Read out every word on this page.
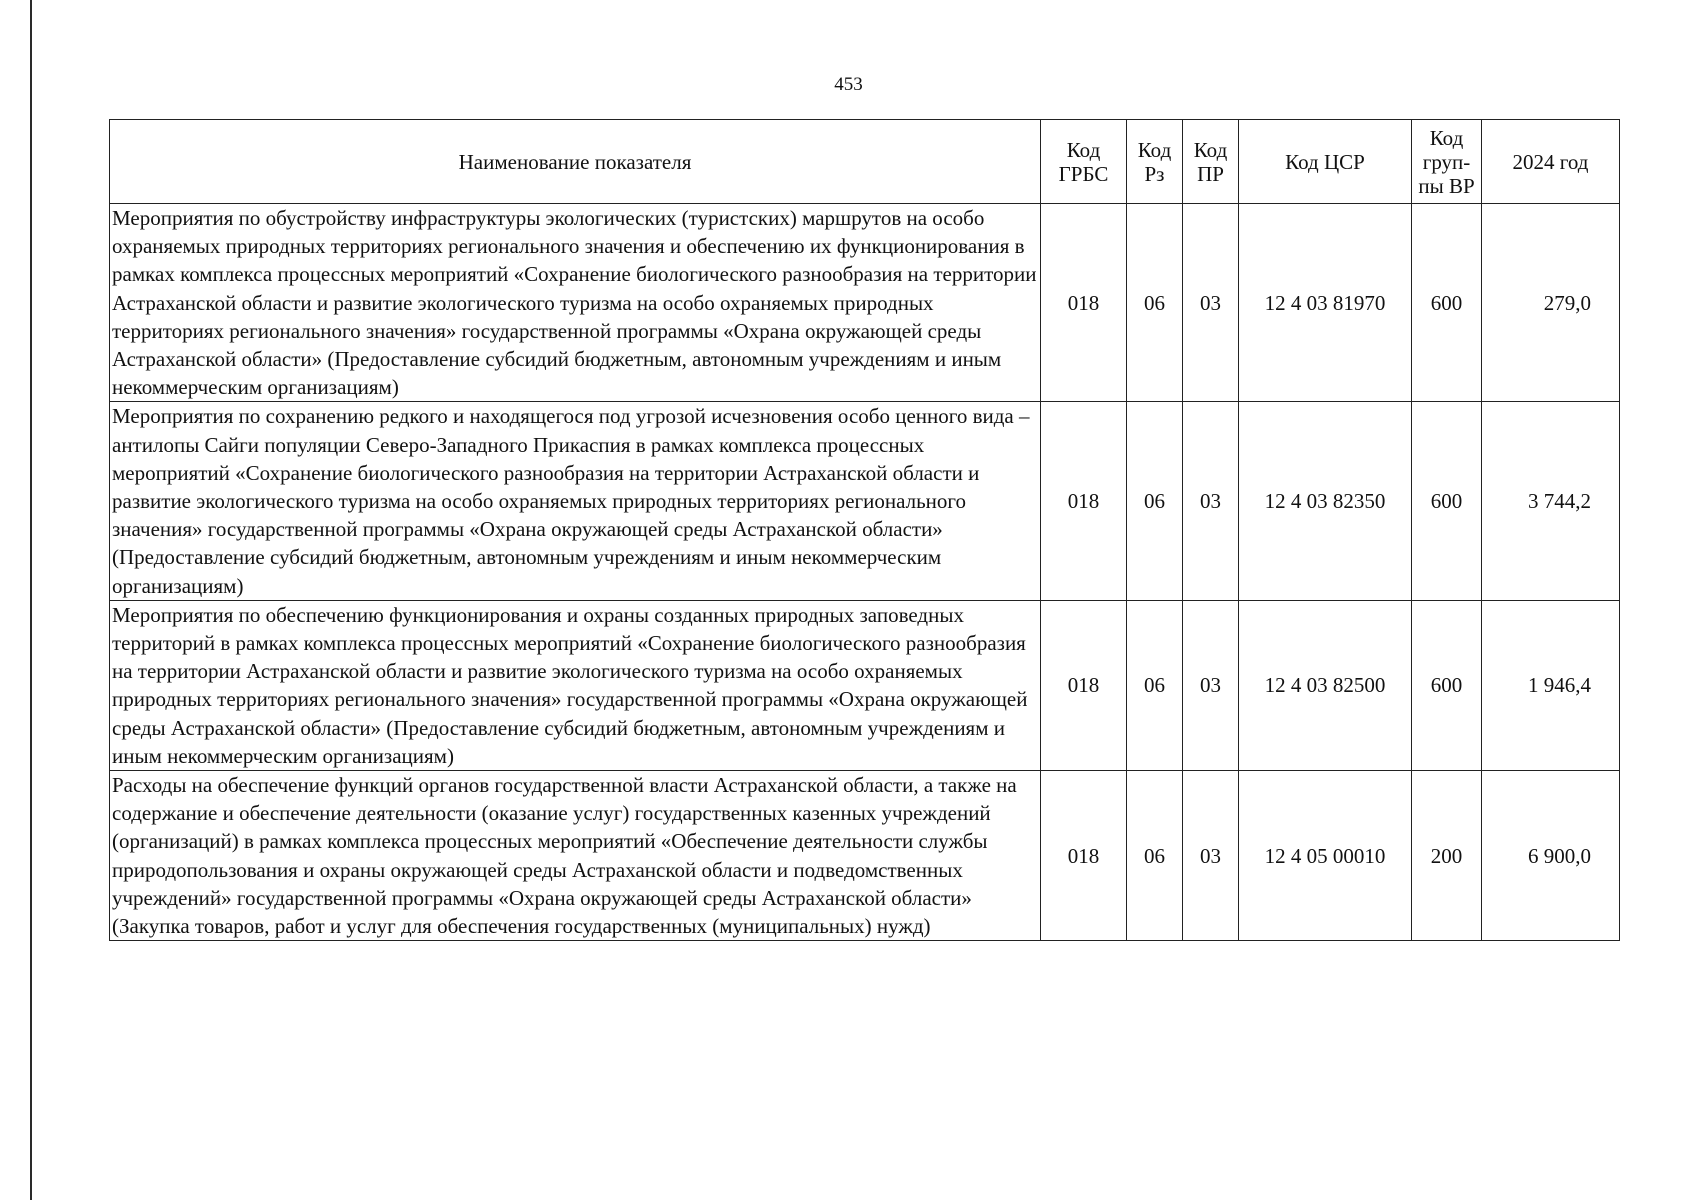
453
Наименование показателя	Код ГРБС	Код Рз	Код ПР	Код ЦСР	Код груп-пы ВР	2024 год
Мероприятия по обустройству инфраструктуры экологических (туристских) маршрутов на особо охраняемых природных территориях регионального значения и обеспечению их функционирования в рамках комплекса процессных мероприятий «Сохранение биологического разнообразия на территории Астраханской области и развитие экологического туризма на особо охраняемых природных территориях регионального значения» государственной программы «Охрана окружающей среды Астраханской области» (Предоставление субсидий бюджетным, автономным учреждениям и иным некоммерческим организациям)	018	06	03	12 4 03 81970	600	279,0
Мероприятия по сохранению редкого и находящегося под угрозой исчезновения особо ценного вида – антилопы Сайги популяции Северо-Западного Прикаспия в рамках комплекса процессных мероприятий «Сохранение биологического разнообразия на территории Астраханской области и развитие экологического туризма на особо охраняемых природных территориях регионального значения» государственной программы «Охрана окружающей среды Астраханской области» (Предоставление субсидий бюджетным, автономным учреждениям и иным некоммерческим организациям)	018	06	03	12 4 03 82350	600	3 744,2
Мероприятия по обеспечению функционирования и охраны созданных природных заповедных территорий в рамках комплекса процессных мероприятий «Сохранение биологического разнообразия на территории Астраханской области и развитие экологического туризма на особо охраняемых природных территориях регионального значения» государственной программы «Охрана окружающей среды Астраханской области» (Предоставление субсидий бюджетным, автономным учреждениям и иным некоммерческим организациям)	018	06	03	12 4 03 82500	600	1 946,4
Расходы на обеспечение функций органов государственной власти Астраханской области, а также на содержание и обеспечение деятельности (оказание услуг) государственных казенных учреждений (организаций) в рамках комплекса процессных мероприятий «Обеспечение деятельности службы природопользования и охраны окружающей среды Астраханской области и подведомственных учреждений» государственной программы «Охрана окружающей среды Астраханской области» (Закупка товаров, работ и услуг для обеспечения государственных (муниципальных) нужд)	018	06	03	12 4 05 00010	200	6 900,0
